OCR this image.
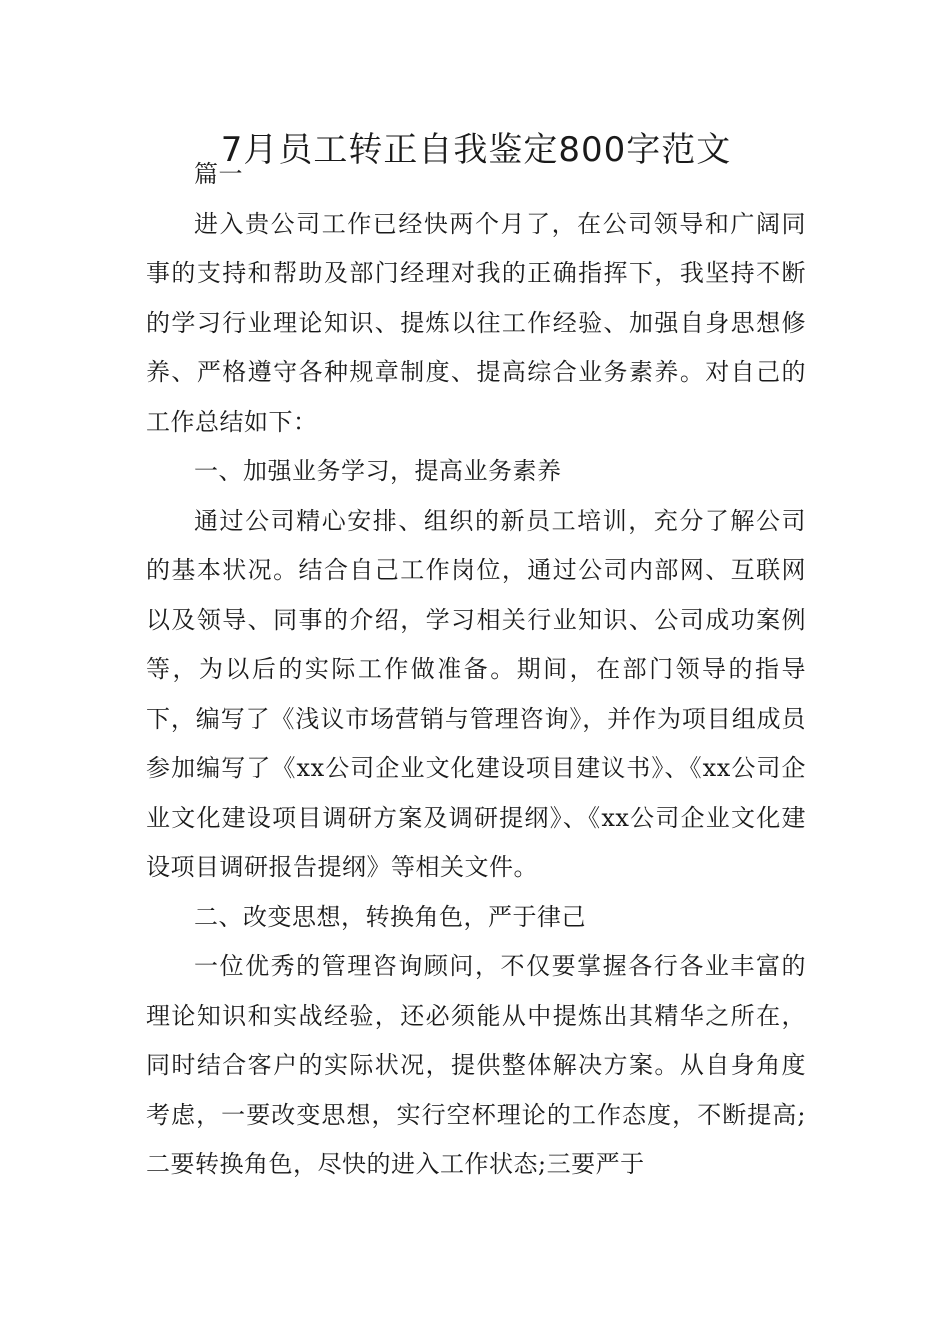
7月员工转正自我鉴定800字范文

篇一

进入贵公司工作已经快两个月了，在公司领导和广阔同事的支持和帮助及部门经理对我的正确指挥下，我坚持不断的学习行业理论知识、提炼以往工作经验、加强自身思想修养、严格遵守各种规章制度、提高综合业务素养。对自己的工作总结如下：

一、加强业务学习，提高业务素养

通过公司精心安排、组织的新员工培训，充分了解公司的基本状况。结合自己工作岗位，通过公司内部网、互联网以及领导、同事的介绍，学习相关行业知识、公司成功案例等，为以后的实际工作做准备。期间，在部门领导的指导下，编写了《浅议市场营销与管理咨询》，并作为项目组成员参加编写了《xx公司企业文化建设项目建议书》、《xx公司企业文化建设项目调研方案及调研提纲》、《xx公司企业文化建设项目调研报告提纲》等相关文件。

二、改变思想，转换角色，严于律己

一位优秀的管理咨询顾问，不仅要掌握各行各业丰富的理论知识和实战经验，还必须能从中提炼出其精华之所在，同时结合客户的实际状况，提供整体解决方案。从自身角度考虑，一要改变思想，实行空杯理论的工作态度，不断提高;二要转换角色，尽快的进入工作状态;三要严于
